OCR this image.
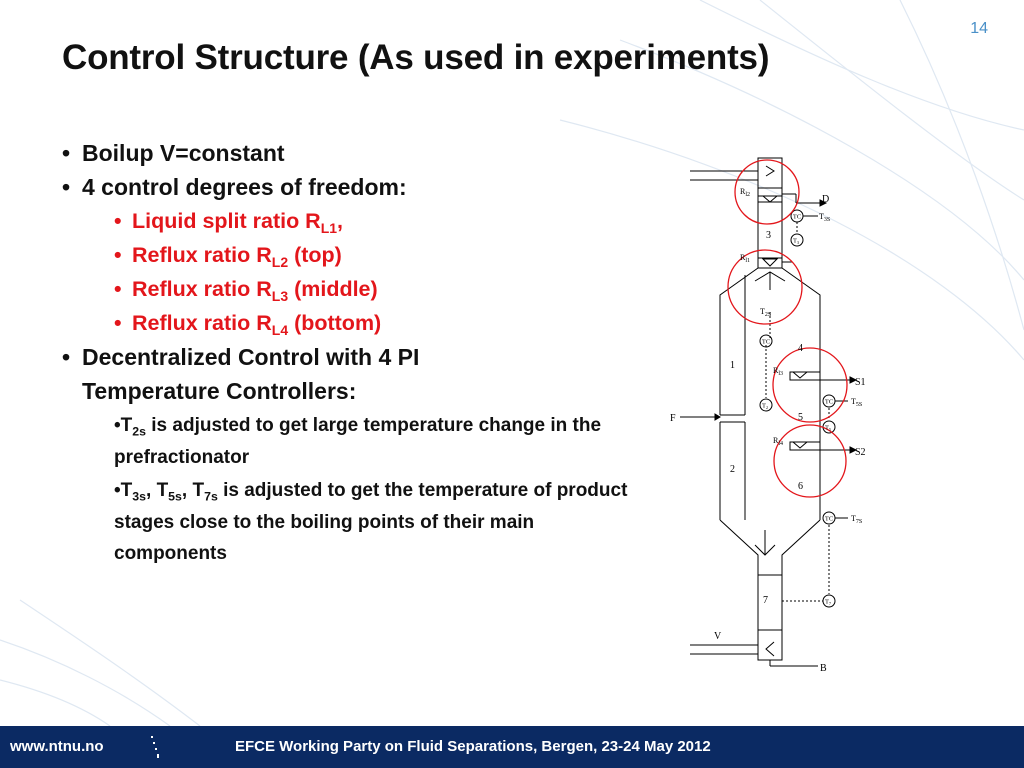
14
Control Structure (As used in experiments)
• Boilup V=constant
• 4 control degrees of freedom:
• Liquid split ratio $R_{L1}$,
• Reflux ratio $R_{L2}$ (top)
• Reflux ratio $R_{L3}$ (middle)
• Reflux ratio $R_{L4}$ (bottom)
• Decentralized Control with 4 PI
Temperature Controllers:
$•T_{2s}$ is adjusted to get large temperature change in the prefractionator
$•T_{3s}$, $T_{5s}$, $T_{7s}$ is adjusted to get the temperature of product stages close to the boiling points of their main components
D
S1
S2
F
V
B
3
1
4
2
5
6
7
$R_{l2}$
$R_{l1}$
$R_{l3}$
$R_{l4}$
$T_{3S}$
$T_{2S}$
$T_{5S}$
$T_{7S}$
TC
TC
TC
TC
$T_3$
$T_2$
$T_5$
$T_7$
www.ntnu.no	EFCE Working Party on Fluid Separations, Bergen, 23-24 May 2012
